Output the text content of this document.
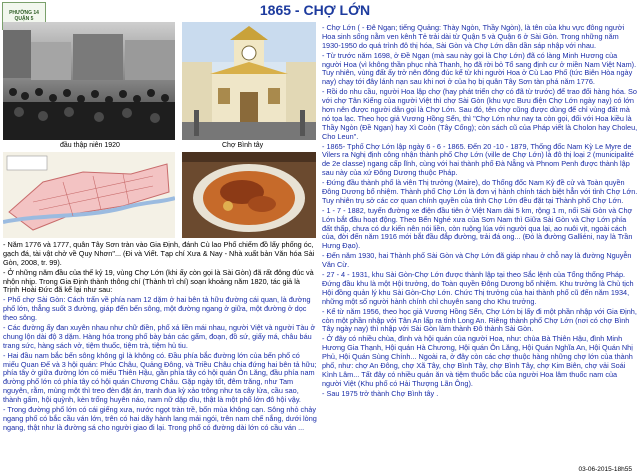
PHƯỜNG 14
QUẬN 5
1865 - CHỢ LỚN
đầu thập niên 1920	Chợ Bình tây

- Năm 1776 và 1777, quân Tây Sơn tràn vào Gia Định, đánh Cù lao Phố chiếm đồ lấy phống óc, gạch đá, tài vật chở về Quy Nhơn"... (Đi và Viết. Tạp chí Xưa & Nay - Nhà xuất bản Văn hóa Sài Gòn, 2008, tr. 99).

- Ở những năm đầu của thế kỷ 19, vùng Chợ Lớn (khi ấy còn gọi là Sài Gòn) đã rất đông đúc và nhộn nhịp. Trong Gia Định thành thông chí (Thành trì chí) soạn khoảng năm 1820, tác giả là Trịnh Hoài Đức đã kể lại như sau:

- Phố chợ Sài Gòn: Cách trấn về phía nam 12 dặm ở hai bên tả hữu đường cái quan, là đường phố lớn, thẳng suốt 3 đường, giáp đến bến sông, một đường ngang ở giữa, một đường ở dọc theo sông.

- Các đường ấy đan xuyên nhau như chữ điền, phố xá liền mái nhau, người Việt và người Tàu ở chung lộn dài độ 3 dặm. Hàng hóa trong phố bày bán các gấm, đoạn, đồ sứ, giấy má, châu báu trang sức, hàng sách vở, tiệm thuốc, tiệm trà, tiệm hủ tiu.

- Hai đầu nam bắc bến sông không gì là không có. Đầu phía bắc đường lớn của bến phố có miếu Quan Đế và 3 hội quán: Phúc Châu, Quảng Đông, và Triều Châu chia đứng hai bên tả hữu; phía tây ở giữa đường lớn có miếu Thiên Hậu, gần phía tây có hội quán Ôn Lăng, đầu phía nam đường phố lớn có phía tây có hội quán Chương Châu. Gặp ngày tốt, đêm trăng, như Tam nguyên, rằm, mùng một thì treo đèn đặt án, tranh đua kỳ xảo trông như ta cây lửa, cầu sao, thành gấm, hội quỳnh, kèn trống huyên náo, nam nữ dập dìu, thật là một phố lớn đô hội vậy.

- Trong đường phố lớn có cái giếng xưa, nước ngọt tràn trề, bốn mùa không cạn. Sông nhỏ chảy ngang phố có bắc cầu ván lớn, trên có hai dãy hành lang mái ngói, trên nam chế nắng, dưới lòng ngang, thật như là đường sá cho người giao đi lại. Trong phố có đường dài lớn có cầu ván ...

- Chợ Lớn ( - Đê Ngạn; tiếng Quảng: Thày Ngòn, Thầy Ngòn), là tên của khu vực đông người Hoa sinh sống nằm ven kênh Tẻ trải dài từ Quận 5 và Quận 6 ở Sài Gòn. Trong những năm 1930-1950 do quá trình đô thị hóa, Sài Gòn và Chợ Lớn dần dần sáp nhập với nhau.

- Từ trước năm 1698, ở Đề Ngạn (mà sau này gọi là Chợ Lớn) đã có làng Minh Hương của người Hoa (vì không thần phục nhà Thanh, họ đã rời bỏ Tổ sang định cư ở miền Nam Việt Nam). Tuy nhiên, vùng đất ấy trở nên đông đúc kể từ khi người Hoa ở Cù Lao Phố (tức Biên Hòa ngày nay) chạy tới đây lánh nạn sau khi nơi ở của họ bị quân Tây Sơn tàn phá năm 1776.

- Rồi do nhu cầu, người Hoa lập chợ (hay phát triển chợ có đã từ trước) để trao đổi hàng hóa. So với chợ Tân Kiểng của người Việt thì chợ Sài Gòn (khu vực Bưu điện Chợ Lớn ngày nay) có lớn hơn nên được người dân gọi là Chợ Lớn. Sau đó, tên chợ cũng được dùng để chỉ vùng đất mà nó tọa lạc. Theo học giả Vương Hồng Sển, thì "Chợ Lớn như nay ta còn gọi, đối với Hoa kiều là Thầy Ngòn (Đề Ngạn) hay Xì Coòn (Tây Cống); còn sách cũ của Pháp viết là Cholon hay Choleu, Cho Leun".

- 1865- Tphố Chợ Lớn lập ngày 6 - 6 - 1865. Đến 20 -10 - 1879, Thống đốc Nam Kỳ Le Myre de Vilers ra Nghị định công nhận thành phố Chợ Lớn (ville de Chợ Lớn) là đô thị loại 2 (municipalité de 2e classe) ngang cấp lĩnh, cùng với hai thành phố Đà Nẵng và Phnom Penh được thành lập sau này của xứ Đông Dương thuộc Pháp.

- Đứng đầu thành phố là viên Thị trưởng (Maire), do Thống đốc Nam Kỳ đề cử và Toàn quyền Đông Dương bổ nhiệm. Thành phố Chợ Lớn là đơn vị hành chính tách biệt hẳn với tỉnh Chợ Lớn. Tuy nhiên trụ sở các cơ quan chính quyền của tỉnh Chợ Lớn đều đặt tại Thành phố Chợ Lớn.

- 1 - 7 - 1882, tuyến đường xe điện đầu tiên ở Việt Nam dài 5 km, rộng 1 m, nối Sài Gòn và Chợ Lớn bắt đầu hoạt động. Theo Bến Nghé xưa của Sơn Nam thì Giữa Sài Gòn và Chợ Lớn phía đất thấp, chưa có dư kiến nên nói liền, còn ruộng lúa với người qua lại, ao nuôi vịt, ngoài cách của, đời đến năm 1916 mới bắt đầu đắp đường, trải đá ong... (Đó là đường Galliéni, nay là Trần Hưng Đạo).

- Đến năm 1930, hai Thành phố Sài Gòn và Chợ Lớn đã giáp nhau ở chỗ nay là đường Nguyễn Văn Cừ.

- 27 - 4 - 1931, khu Sài Gòn-Chợ Lớn được thành lập tại theo Sắc lệnh của Tổng thống Pháp. Đứng đầu khu là một Hội trưởng, do Toàn quyền Đông Dương bổ nhiệm. Khu trưởng là Chủ tịch Hội đồng quản lý khu Sài Gòn-Chợ Lớn. Chức Thị trưởng của hai thành phố cũ đến năm 1934, những một số người hành chính chỉ chuyên sang cho Khu trưởng.

- Kể từ năm 1956, theo học giả Vương Hồng Sển, Chợ Lớn bị lấy đi một phần nhập với Gia Định, còn một phần nhập với Tân An lấp ra tỉnh Long An. Riêng thành phố Chợ Lớn (nơi có chợ Bình Tây ngày nay) thì nhập với Sài Gòn làm thành Đô thành Sài Gòn.

- Ở đây có nhiều chùa, đình và hội quán của người Hoa, như: chùa Bà Thiên Hậu, đình Minh Hương Gia Thạnh, Hội quán Hà Chương, Hội quán Ôn Lăng, Hội Quán Nghĩa An, Hội Quán Nhị Phủ, Hội Quán Sùng Chính... Ngoài ra, ở đây còn các chợ thuộc hàng những chợ lớn của thành phố, như: chợ An Đông, chợ Xã Tây, chợ Bình Tây, chợ Bình Tây, chợ Kim Biên, chợ vải Soái Kình Lâm... Tất đây có nhiều quán ăn và tiệm thuốc bắc của người Hoa lâm thuốc nam của người Việt (Khu phố có Hải Thượng Lãn Ông).

- Sau 1975 trở thành Chợ Bình tây .

03-06-2015-18h55
